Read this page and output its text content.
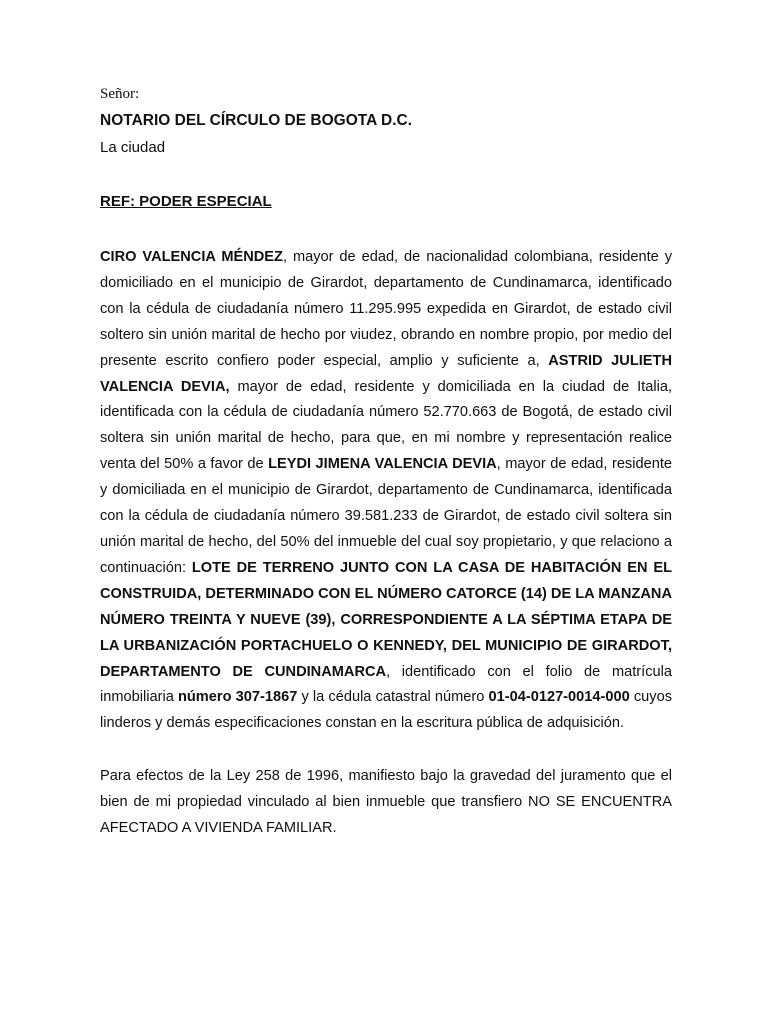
Señor:
NOTARIO DEL CÍRCULO DE BOGOTA D.C.
La ciudad
REF: PODER ESPECIAL

CIRO VALENCIA MÉNDEZ, mayor de edad, de nacionalidad colombiana, residente y domiciliado en el municipio de Girardot, departamento de Cundinamarca, identificado con la cédula de ciudadanía número 11.295.995 expedida en Girardot, de estado civil soltero sin unión marital de hecho por viudez, obrando en nombre propio, por medio del presente escrito confiero poder especial, amplio y suficiente a, ASTRID JULIETH VALENCIA DEVIA, mayor de edad, residente y domiciliada en la ciudad de Italia, identificada con la cédula de ciudadanía número 52.770.663 de Bogotá, de estado civil soltera sin unión marital de hecho, para que, en mi nombre y representación realice venta del 50% a favor de LEYDI JIMENA VALENCIA DEVIA, mayor de edad, residente y domiciliada en el municipio de Girardot, departamento de Cundinamarca, identificada con la cédula de ciudadanía número 39.581.233 de Girardot, de estado civil soltera sin unión marital de hecho, del 50% del inmueble del cual soy propietario, y que relaciono a continuación: LOTE DE TERRENO JUNTO CON LA CASA DE HABITACIÓN EN EL CONSTRUIDA, DETERMINADO CON EL NÚMERO CATORCE (14) DE LA MANZANA NÚMERO TREINTA Y NUEVE (39), CORRESPONDIENTE A LA SÉPTIMA ETAPA DE LA URBANIZACIÓN PORTACHUELO O KENNEDY, DEL MUNICIPIO DE GIRARDOT, DEPARTAMENTO DE CUNDINAMARCA, identificado con el folio de matrícula inmobiliaria número 307-1867 y la cédula catastral número 01-04-0127-0014-000 cuyos linderos y demás especificaciones constan en la escritura pública de adquisición.

Para efectos de la Ley 258 de 1996, manifiesto bajo la gravedad del juramento que el bien de mi propiedad vinculado al bien inmueble que transfiero NO SE ENCUENTRA AFECTADO A VIVIENDA FAMILIAR.
